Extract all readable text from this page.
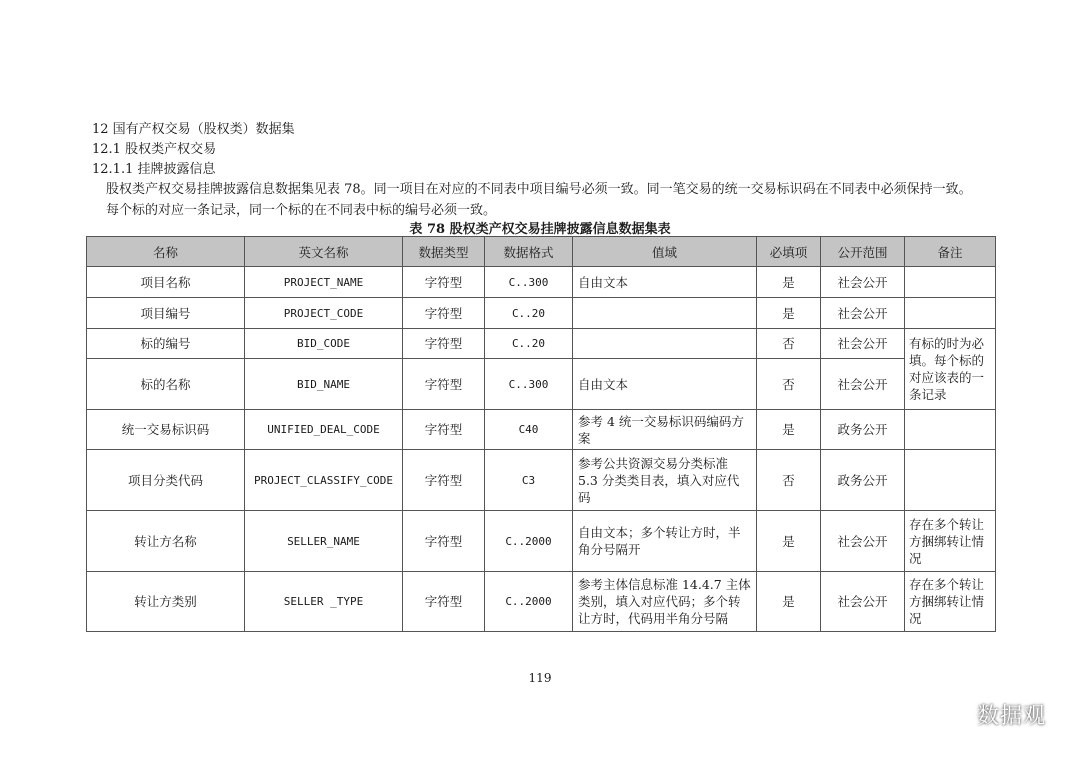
12 国有产权交易（股权类）数据集
12.1 股权类产权交易
12.1.1 挂牌披露信息
股权类产权交易挂牌披露信息数据集见表 78。同一项目在对应的不同表中项目编号必须一致。同一笔交易的统一交易标识码在不同表中必须保持一致。
每个标的对应一条记录，同一个标的在不同表中标的编号必须一致。
表 78 股权类产权交易挂牌披露信息数据集表
名称	英文名称	数据类型	数据格式	值域	必填项	公开范围	备注
项目名称	PROJECT_NAME	字符型	C..300	自由文本	是	社会公开	
项目编号	PROJECT_CODE	字符型	C..20		是	社会公开	
标的编号	BID_CODE	字符型	C..20		否	社会公开	有标的时为必填。每个标的对应该表的一条记录
标的名称	BID_NAME	字符型	C..300	自由文本	否	社会公开	
统一交易标识码	UNIFIED_DEAL_CODE	字符型	C40	参考 4 统一交易标识码编码方案	是	政务公开	
项目分类代码	PROJECT_CLASSIFY_CODE	字符型	C3	参考公共资源交易分类标准 5.3 分类类目表，填入对应代码	否	政务公开	
转让方名称	SELLER_NAME	字符型	C..2000	自由文本；多个转让方时，半角分号隔开	是	社会公开	存在多个转让方捆绑转让情况
转让方类别	SELLER _TYPE	字符型	C..2000	参考主体信息标准 14.4.7 主体类别，填入对应代码；多个转让方时，代码用半角分号隔	是	社会公开	存在多个转让方捆绑转让情况
119
数据观
